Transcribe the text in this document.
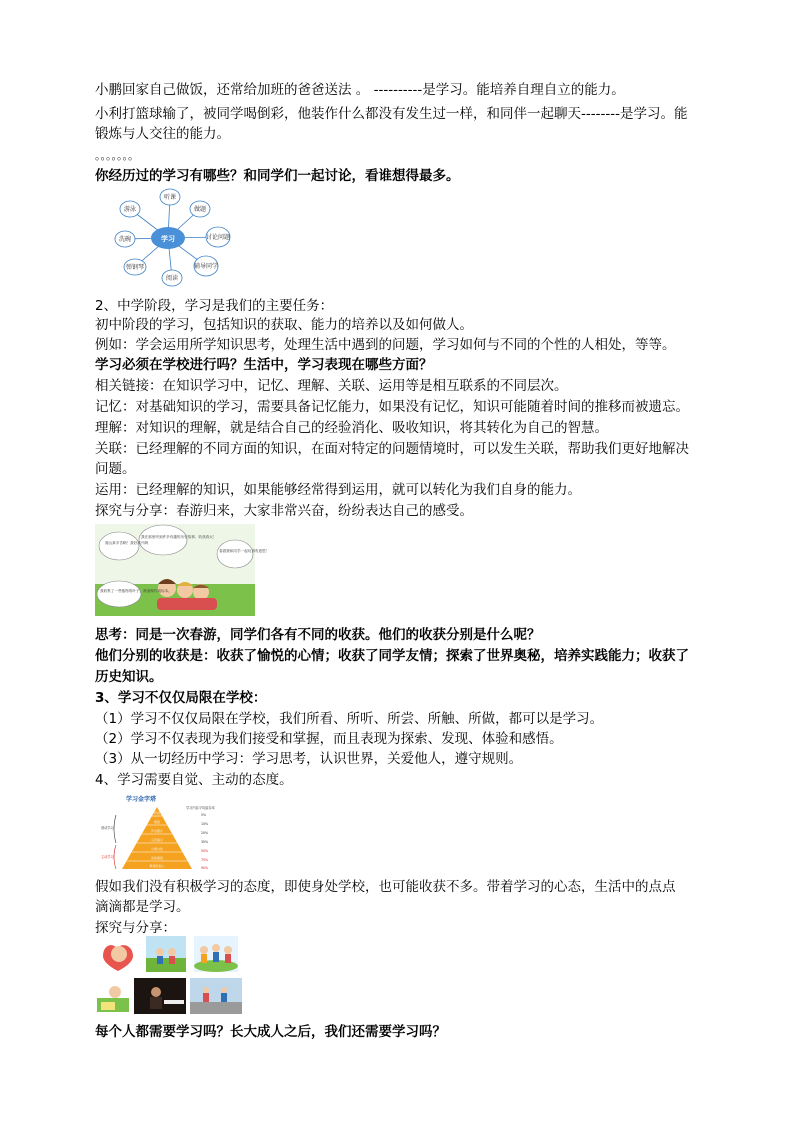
小鹏回家自己做饭，还常给加班的爸爸送法 。 ----------是学习。能培养自理自立的能力。
小利打篮球输了，被同学喝倒彩，他装作什么都没有发生过一样，和同伴一起聊天--------是学习。能
锻炼与人交往的能力。
。。。。。。。
你经历过的学习有哪些？和同学们一起讨论，看谁想得最多。
学习
听课
做题
讨论问题
辅导同学
阅读
弹钢琴
洗碗
游泳
2、中学阶段，学习是我们的主要任务：
初中阶段的学习，包括知识的获取、能力的培养以及如何做人。
例如：学会运用所学知识思考，处理生活中遇到的问题，学习如何与不同的个性的人相处，等等。
学习必须在学校进行吗？生活中，学习表现在哪些方面？
相关链接：在知识学习中，记忆、理解、关联、运用等是相互联系的不同层次。
记忆：对基础知识的学习，需要具备记忆能力，如果没有记忆，知识可能随着时间的推移而被遗忘。
理解：对知识的理解，就是结合自己的经验消化、吸收知识，将其转化为自己的智慧。
关联：已经理解的不同方面的知识，在面对特定的问题情境时，可以发生关联，帮助我们更好地解决
问题。
运用：已经理解的知识，如果能够经常得到运用，就可以转化为我们自身的能力。
探究与分享：春游归来，大家非常兴奋，纷纷表达自己的感受。
爬山真辛苦啊！我好高兴啊
我在那里听到许多有趣的历史故事，收获真大！
春游我和同学一起玩得有意思！
我收集了一些植物的叶子，准备制作成标本。
思考：同是一次春游，同学们各有不同的收获。他们的收获分别是什么呢？
他们分别的收获是：收获了愉悦的心情；收获了同学友情；探索了世界奥秘，培养实践能力；收获了
历史知识。
3、学习不仅仅局限在学校：
（1）学习不仅仅局限在学校，我们所看、所听、所尝、所触、所做，都可以是学习。
（2）学习不仅表现为我们接受和掌握，而且表现为探索、发现、体验和感悟。
（3）从一切经历中学习：学习思考，认识世界，关爱他人，遵守规则。
4、学习需要自觉、主动的态度。
学习金字塔
学习内容平均留存率
听讲
阅读
声音图片
示范演示
小组讨论
实际演练
教授给他人
5%
10%
20%
30%
50%
75%
90%
被动学习
主动学习
假如我们没有积极学习的态度，即使身处学校，也可能收获不多。带着学习的心态，生活中的点点
滴滴都是学习。
探究与分享：
每个人都需要学习吗？长大成人之后，我们还需要学习吗？
